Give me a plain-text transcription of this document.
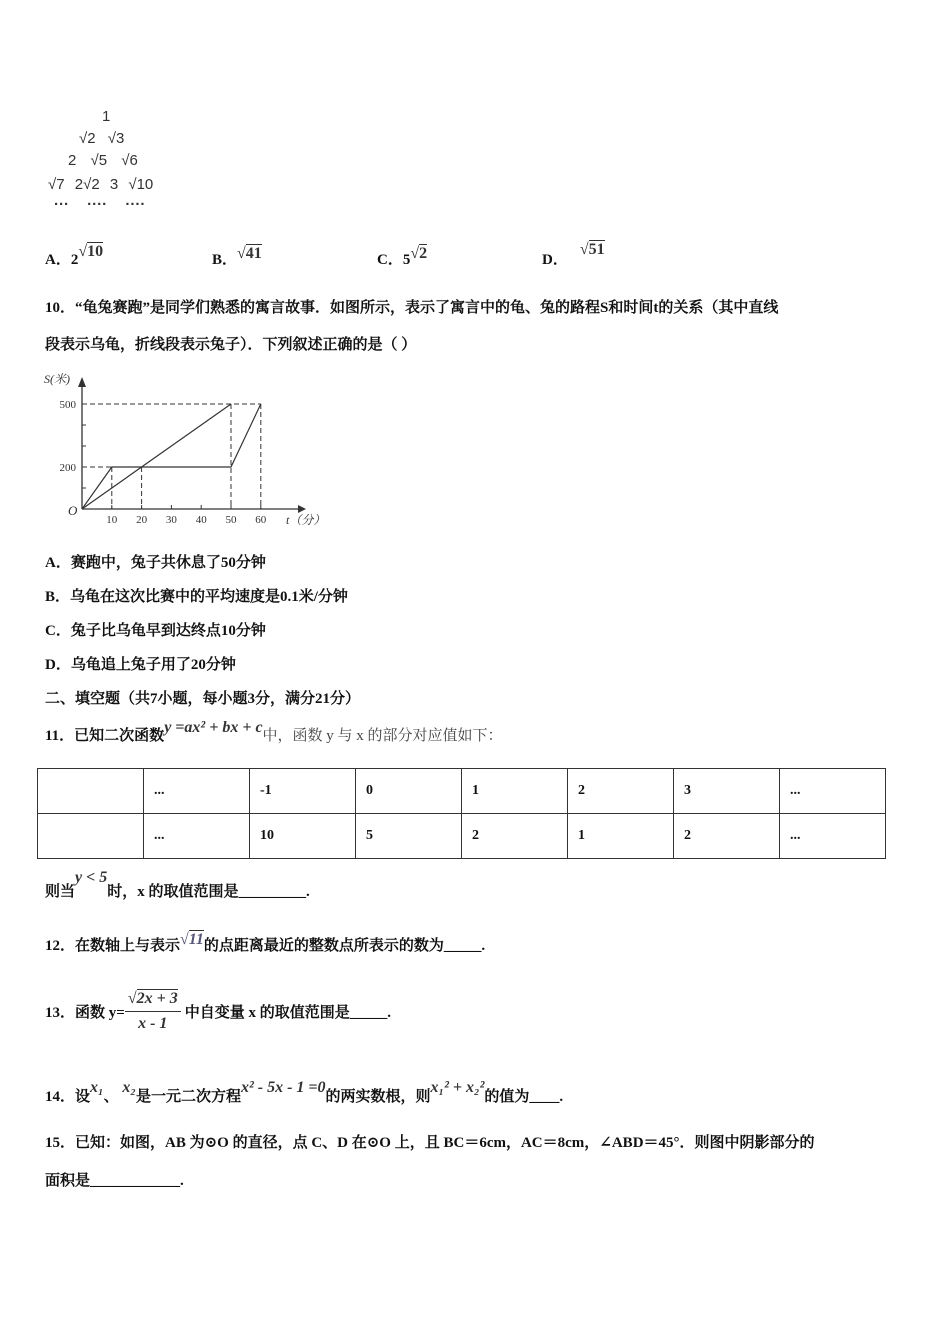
1
√2 √3
2 √5 √6
√7 2√2 3 √10
··· ···· ····
A．2√10	B．√41	C．5√2	D．√51
10．“龟兔赛跑”是同学们熟悉的寓言故事．如图所示，表示了寓言中的龟、兔的路程S和时间t的关系（其中直线
段表示乌龟，折线段表示兔子）．下列叙述正确的是（ ）
10 20 30 40 50 60
200
500
S(米)
t（分）
O
A．赛跑中，兔子共休息了50分钟
B．乌龟在这次比赛中的平均速度是0.1米/分钟
C．兔子比乌龟早到达终点10分钟
D．乌龟追上兔子用了20分钟
二、填空题（共7小题，每小题3分，满分21分）
11．已知二次函数y =ax² + bx + c中，函数 y 与 x 的部分对应值如下：
	...	-1	0	1	2	3	...
	...	10	5	2	1	2	...
则当y < 5时，x 的取值范围是_________.
12．在数轴上与表示√11的点距离最近的整数点所表示的数为_____.
13．函数 $y= \frac{√2x + 3}{x - 1}$ 中自变量 x 的取值范围是_____.
14．设x₁、 x₂是一元二次方程x² - 5x - 1 =0的两实数根，则x₁² + x₂²的值为____.
15．已知：如图，AB 为⊙O 的直径，点 C、D 在⊙O 上，且 BC＝6cm，AC＝8cm，∠ABD＝45°．则图中阴影部分的
面积是____________.
